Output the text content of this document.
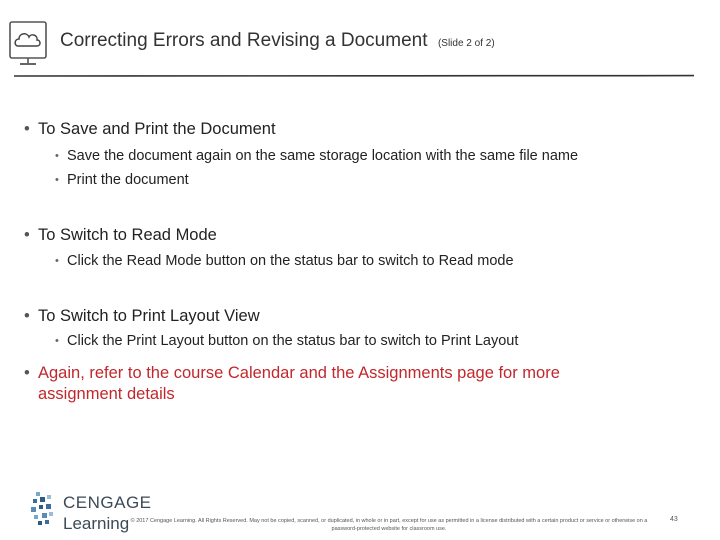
Correcting Errors and Revising a Document (Slide 2 of 2)
• To Save and Print the Document
• Save the document again on the same storage location with the same file name
• Print the document
• To Switch to Read Mode
• Click the Read Mode button on the status bar to switch to Read mode
• To Switch to Print Layout View
• Click the Print Layout button on the status bar to switch to Print Layout
• Again, refer to the course Calendar and the Assignments page for more assignment details
CENGAGE
Learning © 2017 Cengage Learning. All Rights Reserved. May not be copied, scanned, or duplicated, in whole or in part, except for use as permitted in a license distributed with a certain product or service or otherwise on a password-protected website for classroom use.
43
